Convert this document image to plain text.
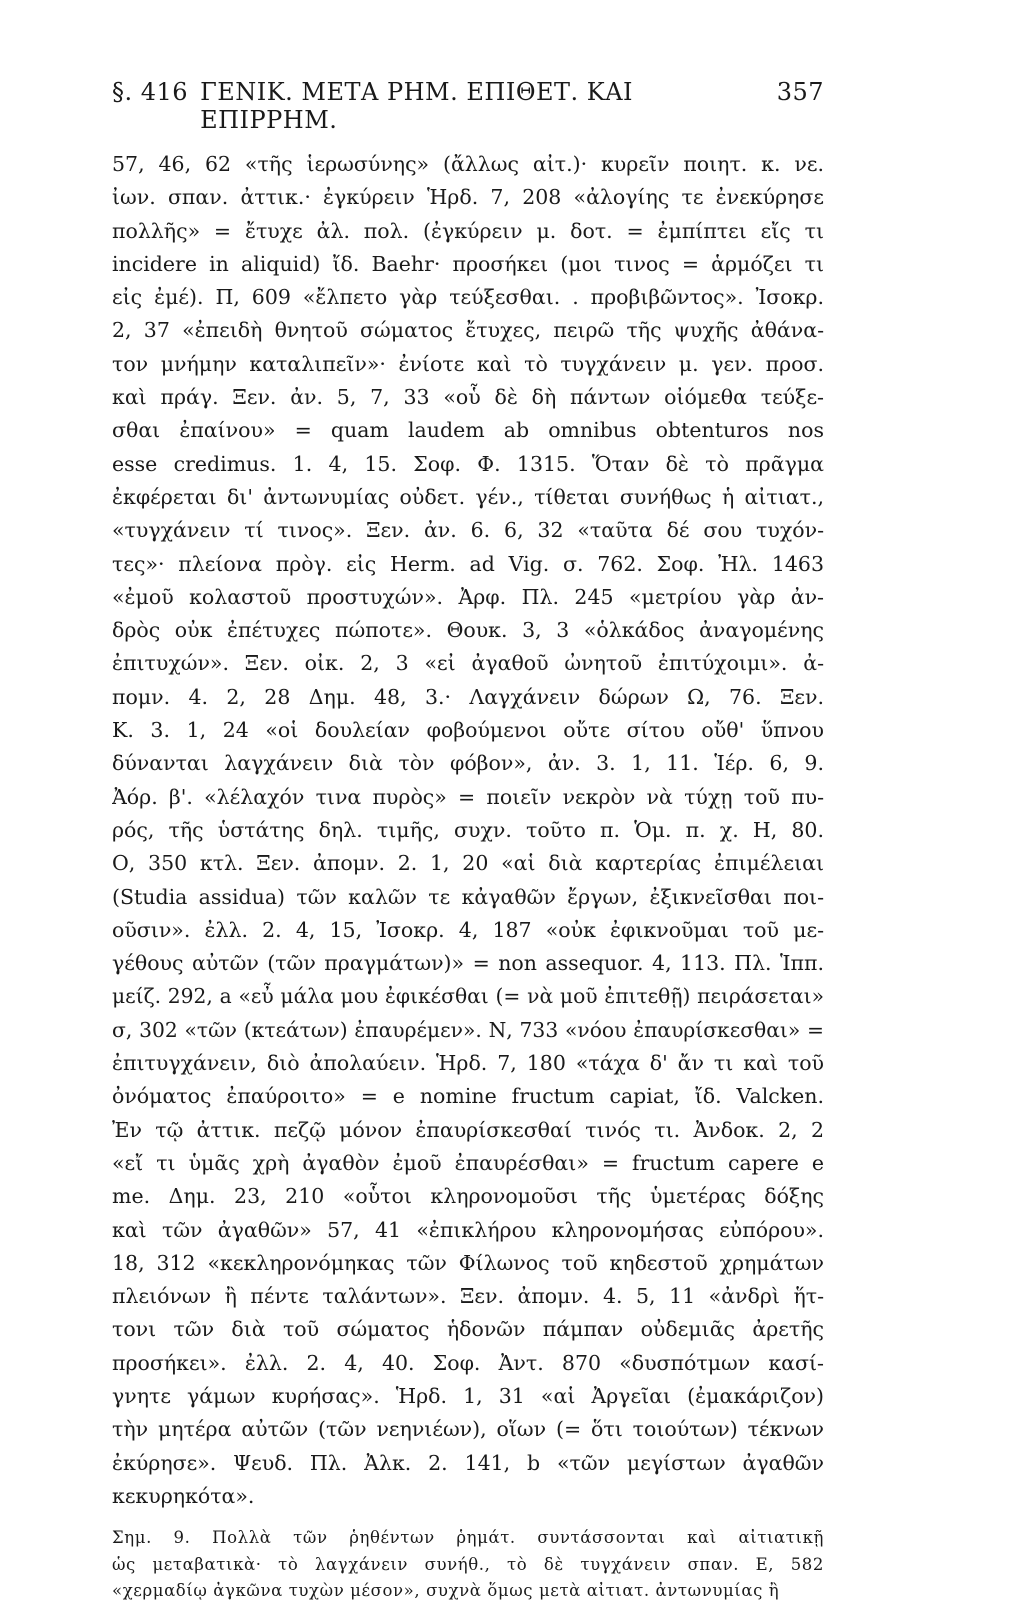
§. 416 ΓΕΝΙΚ. ΜΕΤΑ ΡΗΜ. ΕΠΙΘΕΤ. ΚΑΙ ΕΠΙΡΡΗΜ.
357
57, 46, 62 «τῆς ἱερωσύνης» (ἄλλως αἰτ.)· κυρεῖν ποιητ. κ. νε.
ἰων. σπαν. ἀττικ.· ἐγκύρειν Ἡρδ. 7, 208 «ἀλογίης τε ἐνεκύρησε
πολλῆς» = ἔτυχε ἀλ. πολ. (ἐγκύρειν μ. δοτ. = ἐμπίπτει εἴς τι
incidere in aliquid) ἴδ. Baehr· προσήκει (μοι τινος = ἁρμόζει τι
εἰς ἐμέ). Π, 609 «ἔλπετο γὰρ τεύξεσθαι. . προβιβῶντος». Ἰσοκρ.
2, 37 «ἐπειδὴ θνητοῦ σώματος ἔτυχες, πειρῶ τῆς ψυχῆς ἀθάνα-
τον μνήμην καταλιπεῖν»· ἐνίοτε καὶ τὸ τυγχάνειν μ. γεν. προσ.
καὶ πράγ. Ξεν. ἀν. 5, 7, 33 «οὗ δὲ δὴ πάντων οἰόμεθα τεύξε-
σθαι ἐπαίνου» = quam laudem ab omnibus obtenturos nos
esse credimus. 1. 4, 15. Σοφ. Φ. 1315. Ὅταν δὲ τὸ πρᾶγμα
ἐκφέρεται δι' ἀντωνυμίας οὐδετ. γέν., τίθεται συνήθως ἡ αἰτιατ.,
«τυγχάνειν τί τινος». Ξεν. ἀν. 6. 6, 32 «ταῦτα δέ σου τυχόν-
τες»· πλείονα πρὸγ. εἰς Herm. ad Vig. σ. 762. Σοφ. Ἠλ. 1463
«ἐμοῦ κολαστοῦ προστυχών». Ἀρφ. Πλ. 245 «μετρίου γὰρ ἀν-
δρὸς οὐκ ἐπέτυχες πώποτε». Θουκ. 3, 3 «ὁλκάδος ἀναγομένης
ἐπιτυχών». Ξεν. οἰκ. 2, 3 «εἰ ἀγαθοῦ ὠνητοῦ ἐπιτύχοιμι». ἀ-
πομν. 4. 2, 28 Δημ. 48, 3.· Λαγχάνειν δώρων Ω, 76. Ξεν.
Κ. 3. 1, 24 «οἱ δουλείαν φοβούμενοι οὔτε σίτου οὔθ' ὕπνου
δύνανται λαγχάνειν διὰ τὸν φόβον», ἀν. 3. 1, 11. Ἱέρ. 6, 9.
Ἀόρ. β'. «λέλαχόν τινα πυρὸς» = ποιεῖν νεκρὸν νὰ τύχῃ τοῦ πυ-
ρός, τῆς ὑστάτης δηλ. τιμῆς, συχν. τοῦτο π. Ὁμ. π. χ. Η, 80.
Ο, 350 κτλ. Ξεν. ἀπομν. 2. 1, 20 «αἱ διὰ καρτερίας ἐπιμέλειαι
(Studia assidua) τῶν καλῶν τε κἀγαθῶν ἔργων, ἐξικνεῖσθαι ποι-
οῦσιν». ἐλλ. 2. 4, 15, Ἰσοκρ. 4, 187 «οὐκ ἐφικνοῦμαι τοῦ με-
γέθους αὐτῶν (τῶν πραγμάτων)» = non assequor. 4, 113. Πλ. Ἱππ.
μείζ. 292, a «εὖ μάλα μου ἐφικέσθαι (= νὰ μοῦ ἐπιτεθῇ) πειράσεται»
σ, 302 «τῶν (κτεάτων) ἐπαυρέμεν». Ν, 733 «νόου ἐπαυρίσκεσθαι» =
ἐπιτυγχάνειν, διὸ ἀπολαύειν. Ἡρδ. 7, 180 «τάχα δ' ἄν τι καὶ τοῦ
ὀνόματος ἐπαύροιτο» = e nomine fructum capiat, ἴδ. Valcken.
Ἐν τῷ ἀττικ. πεζῷ μόνον ἐπαυρίσκεσθαί τινός τι. Ἀνδοκ. 2, 2
«εἴ τι ὑμᾶς χρὴ ἀγαθὸν ἐμοῦ ἐπαυρέσθαι» = fructum capere e
me. Δημ. 23, 210 «οὗτοι κληρονομοῦσι τῆς ὑμετέρας δόξης
καὶ τῶν ἀγαθῶν» 57, 41 «ἐπικλήρου κληρονομήσας εὐπόρου».
18, 312 «κεκληρονόμηκας τῶν Φίλωνος τοῦ κηδεστοῦ χρημάτων
πλειόνων ἢ πέντε ταλάντων». Ξεν. ἀπομν. 4. 5, 11 «ἀνδρὶ ἥτ-
τονι τῶν διὰ τοῦ σώματος ἡδονῶν πάμπαν οὐδεμιᾶς ἀρετῆς
προσήκει». ἐλλ. 2. 4, 40. Σοφ. Ἀντ. 870 «δυσπότμων κασί-
γνητε γάμων κυρήσας». Ἡρδ. 1, 31 «αἱ Ἀργεῖαι (ἐμακάριζον)
τὴν μητέρα αὐτῶν (τῶν νεηνιέων), οἵων (= ὅτι τοιούτων) τέκνων
ἐκύρησε». Ψευδ. Πλ. Ἀλκ. 2. 141, b «τῶν μεγίστων ἀγαθῶν
κεκυρηκότα».
Σημ. 9. Πολλὰ τῶν ῥηθέντων ῥημάτ. συντάσσονται καὶ αἰτιατικῇ
ὡς μεταβατικὰ· τὸ λαγχάνειν συνήθ., τὸ δὲ τυγχάνειν σπαν. Ε, 582
«χερμαδίῳ ἀγκῶνα τυχὼν μέσον», συχνὰ ὅμως μετὰ αἰτιατ. ἀντωνυμίας ἢ
